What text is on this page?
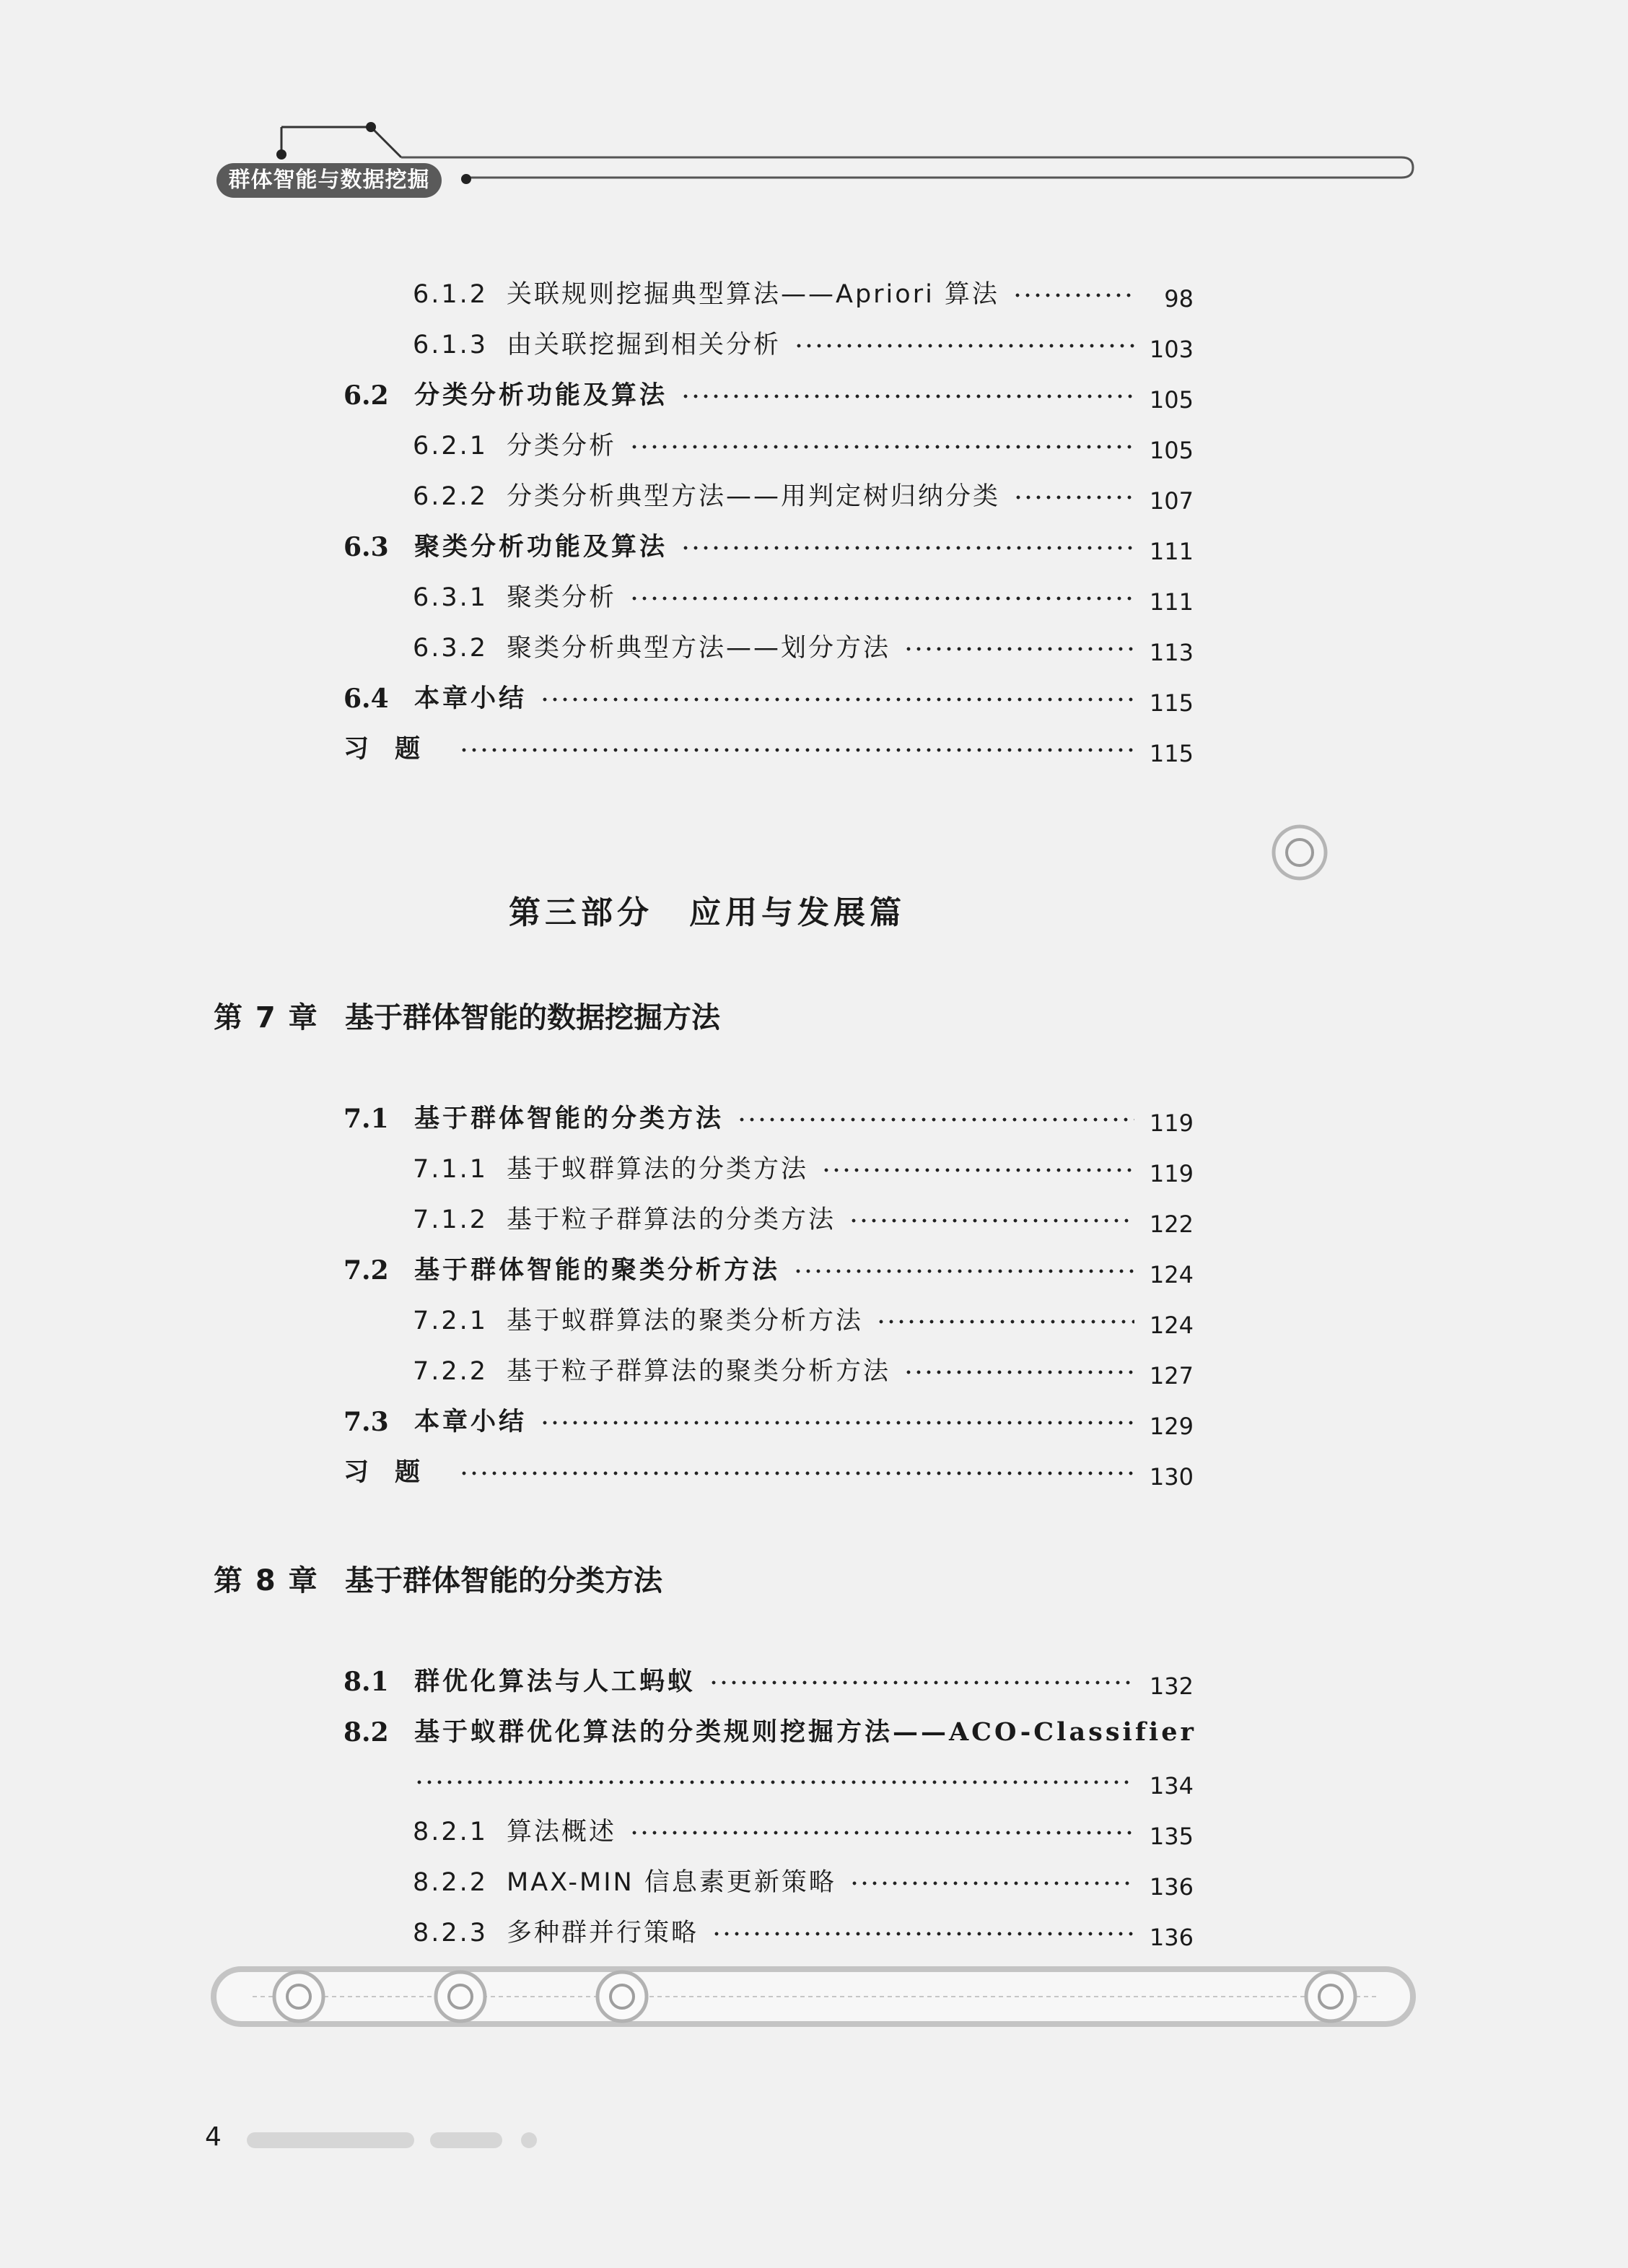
群体智能与数据挖掘
6.1.2 关联规则挖掘典型算法——Apriori 算法	98
6.1.3 由关联挖掘到相关分析	103
6.2 分类分析功能及算法	105
6.2.1 分类分析	105
6.2.2 分类分析典型方法——用判定树归纳分类	107
6.3 聚类分析功能及算法	111
6.3.1 聚类分析	111
6.3.2 聚类分析典型方法——划分方法	113
6.4 本章小结	115
习题	115
第三部分　应用与发展篇
第 7 章 基于群体智能的数据挖掘方法
7.1 基于群体智能的分类方法	119
7.1.1 基于蚁群算法的分类方法	119
7.1.2 基于粒子群算法的分类方法	122
7.2 基于群体智能的聚类分析方法	124
7.2.1 基于蚁群算法的聚类分析方法	124
7.2.2 基于粒子群算法的聚类分析方法	127
7.3 本章小结	129
习题	130
第 8 章 基于群体智能的分类方法
8.1 群优化算法与人工蚂蚁	132
8.2 基于蚁群优化算法的分类规则挖掘方法——ACO-Classifier
134
8.2.1 算法概述	135
8.2.2 MAX-MIN 信息素更新策略	136
8.2.3 多种群并行策略	136
4
